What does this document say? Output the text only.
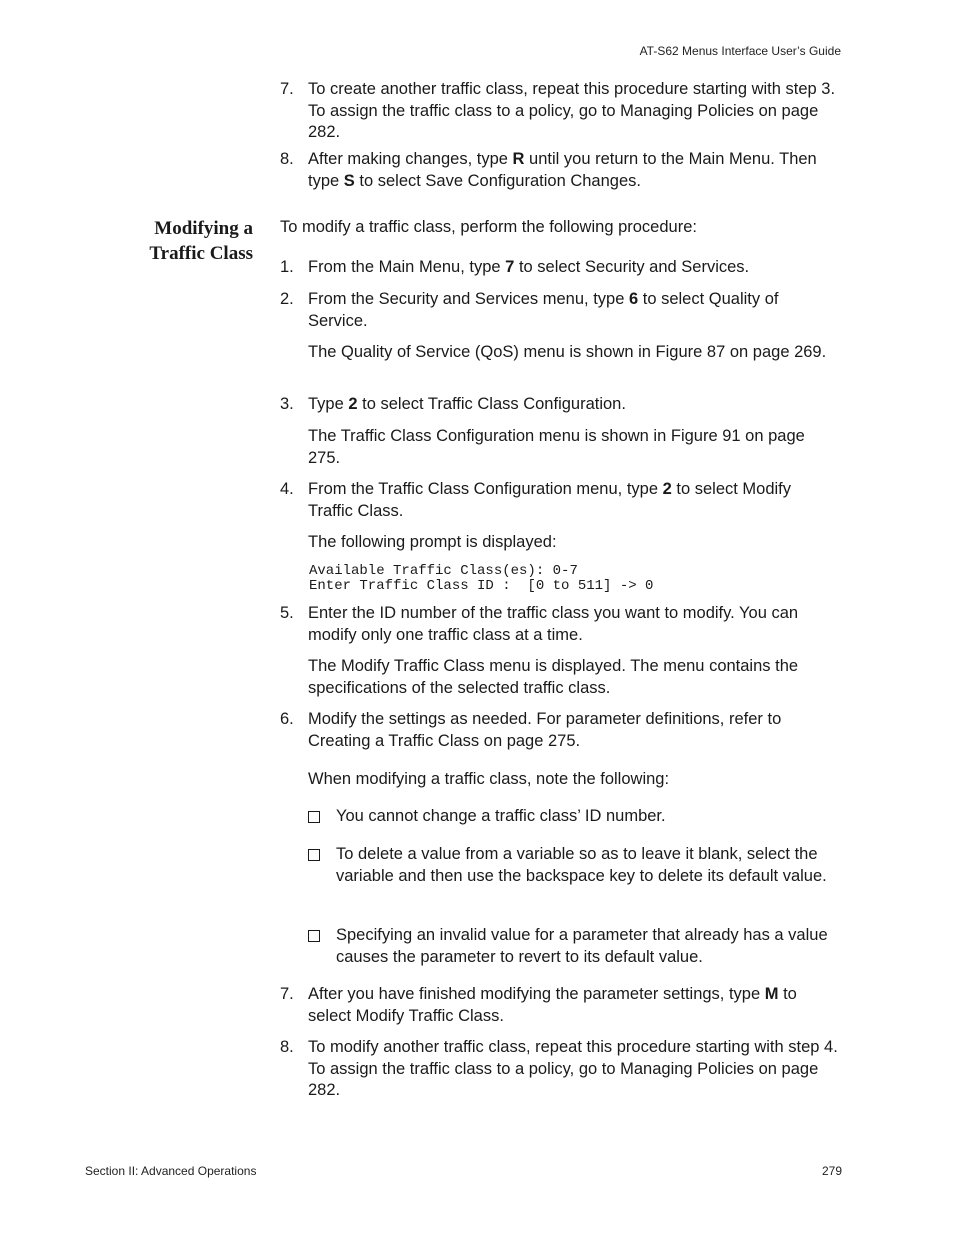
AT-S62 Menus Interface User’s Guide
7. To create another traffic class, repeat this procedure starting with step 3. To assign the traffic class to a policy, go to Managing Policies on page 282.
8. After making changes, type R until you return to the Main Menu. Then type S to select Save Configuration Changes.
Modifying a
Traffic Class
To modify a traffic class, perform the following procedure:
1. From the Main Menu, type 7 to select Security and Services.
2. From the Security and Services menu, type 6 to select Quality of Service.
The Quality of Service (QoS) menu is shown in Figure 87 on page 269.
3. Type 2 to select Traffic Class Configuration.
The Traffic Class Configuration menu is shown in Figure 91 on page 275.
4. From the Traffic Class Configuration menu, type 2 to select Modify Traffic Class.
The following prompt is displayed:
Available Traffic Class(es): 0-7
Enter Traffic Class ID :  [0 to 511] -> 0
5. Enter the ID number of the traffic class you want to modify. You can modify only one traffic class at a time.
The Modify Traffic Class menu is displayed. The menu contains the specifications of the selected traffic class.
6. Modify the settings as needed. For parameter definitions, refer to Creating a Traffic Class on page 275.
When modifying a traffic class, note the following:
You cannot change a traffic class’ ID number.
To delete a value from a variable so as to leave it blank, select the variable and then use the backspace key to delete its default value.
Specifying an invalid value for a parameter that already has a value causes the parameter to revert to its default value.
7. After you have finished modifying the parameter settings, type M to select Modify Traffic Class.
8. To modify another traffic class, repeat this procedure starting with step 4. To assign the traffic class to a policy, go to Managing Policies on page 282.
Section II: Advanced Operations	279
